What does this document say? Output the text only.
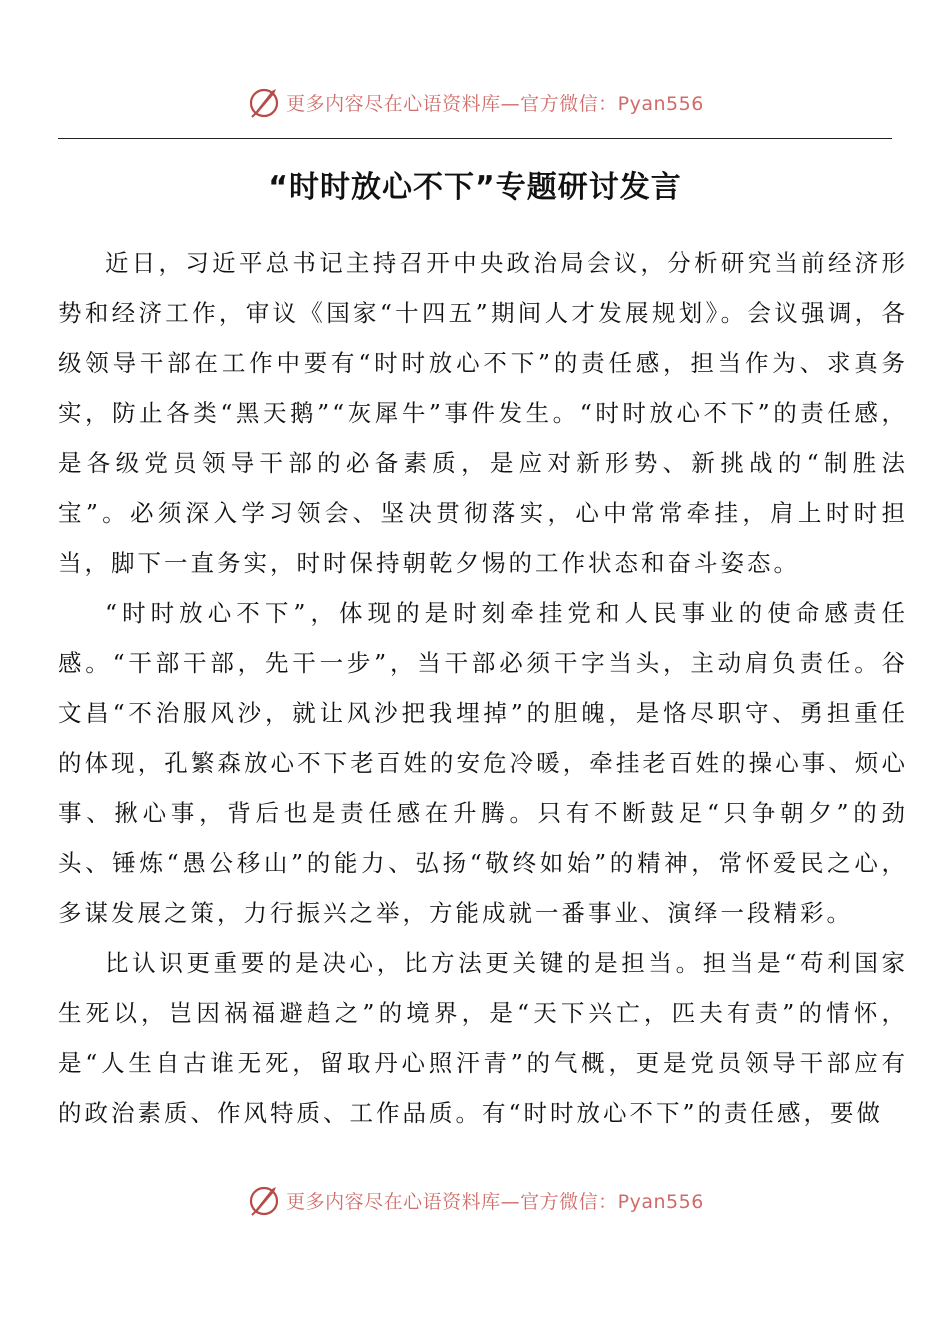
更多内容尽在心语资料库—官方微信：Pyan556
“时时放心不下”专题研讨发言

近日，习近平总书记主持召开中央政治局会议，分析研究当前经济形势和经济工作，审议《国家“十四五”期间人才发展规划》。会议强调，各级领导干部在工作中要有“时时放心不下”的责任感，担当作为、求真务实，防止各类“黑天鹅”“灰犀牛”事件发生。“时时放心不下”的责任感，是各级党员领导干部的必备素质，是应对新形势、新挑战的“制胜法宝”。必须深入学习领会、坚决贯彻落实，心中常常牵挂，肩上时时担当，脚下一直务实，时时保持朝乾夕惕的工作状态和奋斗姿态。

“时时放心不下”，体现的是时刻牵挂党和人民事业的使命感责任感。“干部干部，先干一步”，当干部必须干字当头，主动肩负责任。谷文昌“不治服风沙，就让风沙把我埋掉”的胆魄，是恪尽职守、勇担重任的体现，孔繁森放心不下老百姓的安危冷暖，牵挂老百姓的操心事、烦心事、揪心事，背后也是责任感在升腾。只有不断鼓足“只争朝夕”的劲头、锤炼“愚公移山”的能力、弘扬“敬终如始”的精神，常怀爱民之心，多谋发展之策，力行振兴之举，方能成就一番事业、演绎一段精彩。

比认识更重要的是决心，比方法更关键的是担当。担当是“苟利国家生死以，岂因祸福避趋之”的境界，是“天下兴亡，匹夫有责”的情怀，是“人生自古谁无死，留取丹心照汗青”的气概，更是党员领导干部应有的政治素质、作风特质、工作品质。有“时时放心不下”的责任感，要做

更多内容尽在心语资料库—官方微信：Pyan556
